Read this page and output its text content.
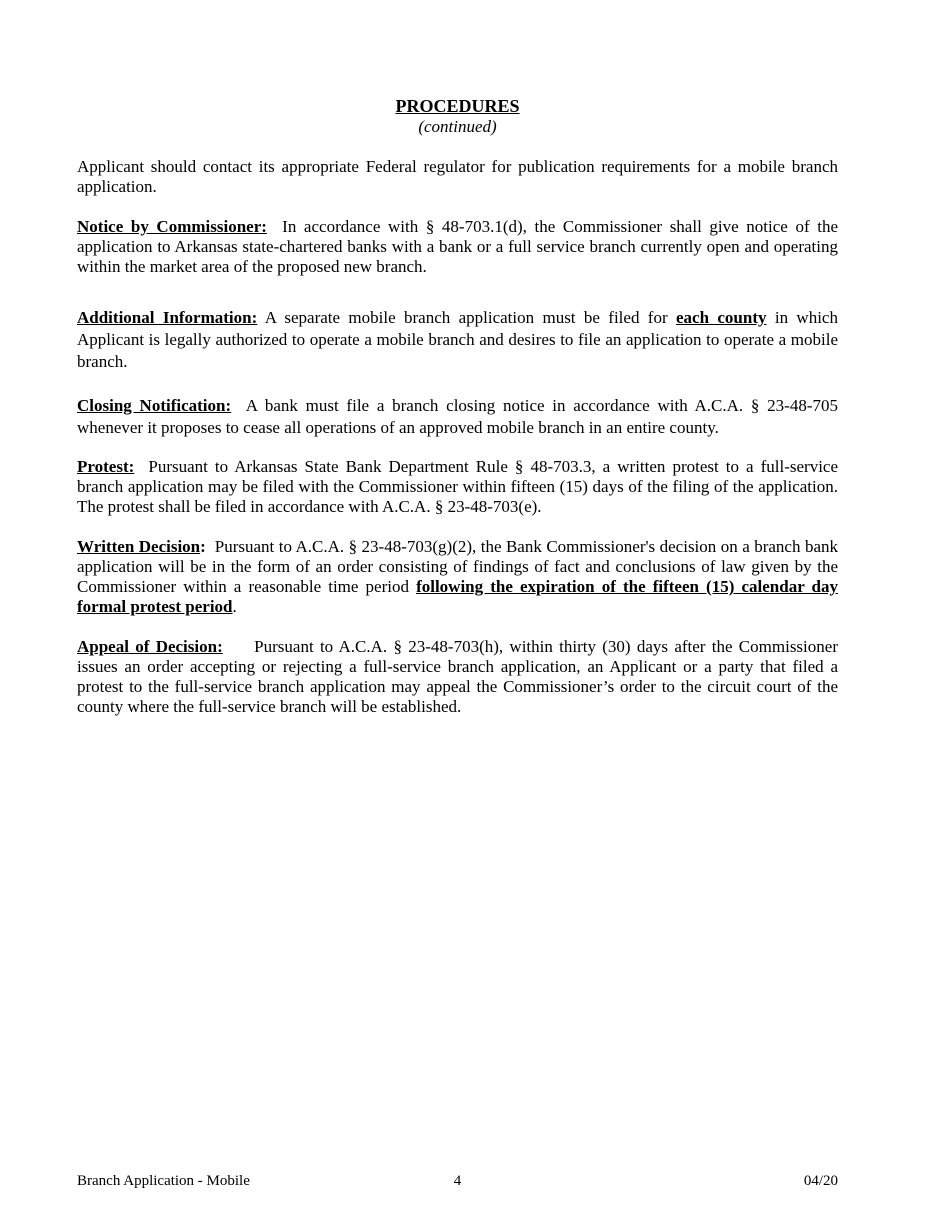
PROCEDURES
(continued)

Applicant should contact its appropriate Federal regulator for publication requirements for a mobile branch application.

Notice by Commissioner: In accordance with § 48-703.1(d), the Commissioner shall give notice of the application to Arkansas state-chartered banks with a bank or a full service branch currently open and operating within the market area of the proposed new branch.

Additional Information: A separate mobile branch application must be filed for each county in which Applicant is legally authorized to operate a mobile branch and desires to file an application to operate a mobile branch.

Closing Notification: A bank must file a branch closing notice in accordance with A.C.A. § 23-48-705 whenever it proposes to cease all operations of an approved mobile branch in an entire county.

Protest: Pursuant to Arkansas State Bank Department Rule § 48-703.3, a written protest to a full-service branch application may be filed with the Commissioner within fifteen (15) days of the filing of the application. The protest shall be filed in accordance with A.C.A. § 23-48-703(e).

Written Decision: Pursuant to A.C.A. § 23-48-703(g)(2), the Bank Commissioner's decision on a branch bank application will be in the form of an order consisting of findings of fact and conclusions of law given by the Commissioner within a reasonable time period following the expiration of the fifteen (15) calendar day formal protest period.

Appeal of Decision: Pursuant to A.C.A. § 23-48-703(h), within thirty (30) days after the Commissioner issues an order accepting or rejecting a full-service branch application, an Applicant or a party that filed a protest to the full-service branch application may appeal the Commissioner’s order to the circuit court of the county where the full-service branch will be established.

Branch Application - Mobile	4	04/20
